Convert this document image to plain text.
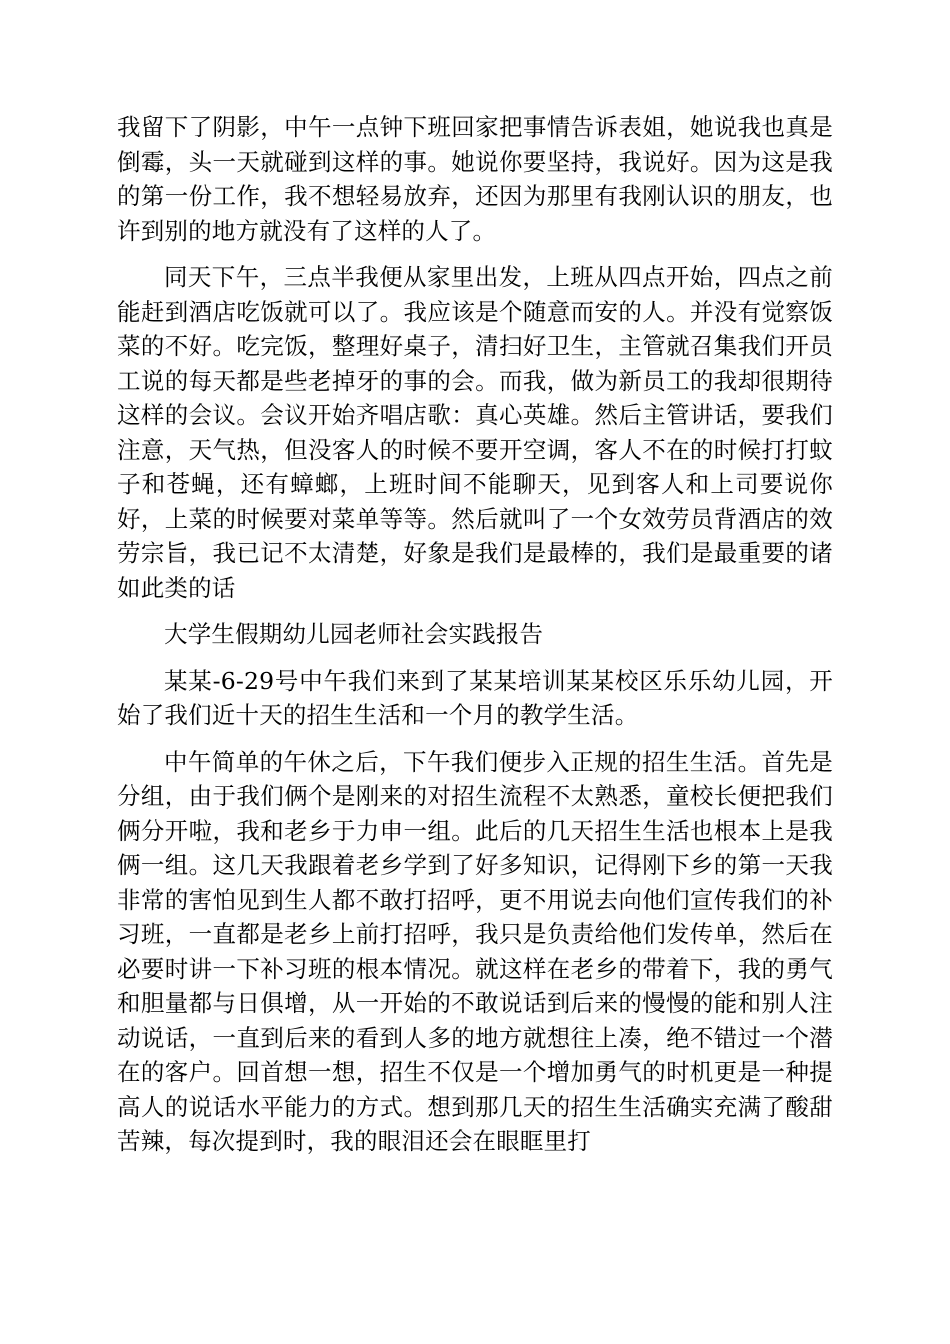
我留下了阴影，中午一点钟下班回家把事情告诉表姐，她说我也真是倒霉，头一天就碰到这样的事。她说你要坚持，我说好。因为这是我的第一份工作，我不想轻易放弃，还因为那里有我刚认识的朋友，也许到别的地方就没有了这样的人了。

同天下午，三点半我便从家里出发，上班从四点开始，四点之前能赶到酒店吃饭就可以了。我应该是个随意而安的人。并没有觉察饭菜的不好。吃完饭，整理好桌子，清扫好卫生，主管就召集我们开员工说的每天都是些老掉牙的事的会。而我，做为新员工的我却很期待这样的会议。会议开始齐唱店歌：真心英雄。然后主管讲话，要我们注意，天气热，但没客人的时候不要开空调，客人不在的时候打打蚊子和苍蝇，还有蟑螂，上班时间不能聊天，见到客人和上司要说你好，上菜的时候要对菜单等等。然后就叫了一个女效劳员背酒店的效劳宗旨，我已记不太清楚，好象是我们是最棒的，我们是最重要的诸如此类的话

大学生假期幼儿园老师社会实践报告

某某-6-29号中午我们来到了某某培训某某校区乐乐幼儿园，开始了我们近十天的招生生活和一个月的教学生活。

中午简单的午休之后，下午我们便步入正规的招生生活。首先是分组，由于我们俩个是刚来的对招生流程不太熟悉，童校长便把我们俩分开啦，我和老乡于力申一组。此后的几天招生生活也根本上是我俩一组。这几天我跟着老乡学到了好多知识，记得刚下乡的第一天我非常的害怕见到生人都不敢打招呼，更不用说去向他们宣传我们的补习班，一直都是老乡上前打招呼，我只是负责给他们发传单，然后在必要时讲一下补习班的根本情况。就这样在老乡的带着下，我的勇气和胆量都与日俱增，从一开始的不敢说话到后来的慢慢的能和别人注动说话，一直到后来的看到人多的地方就想往上凑，绝不错过一个潜在的客户。回首想一想，招生不仅是一个增加勇气的时机更是一种提高人的说话水平能力的方式。想到那几天的招生生活确实充满了酸甜苦辣，每次提到时，我的眼泪还会在眼眶里打
